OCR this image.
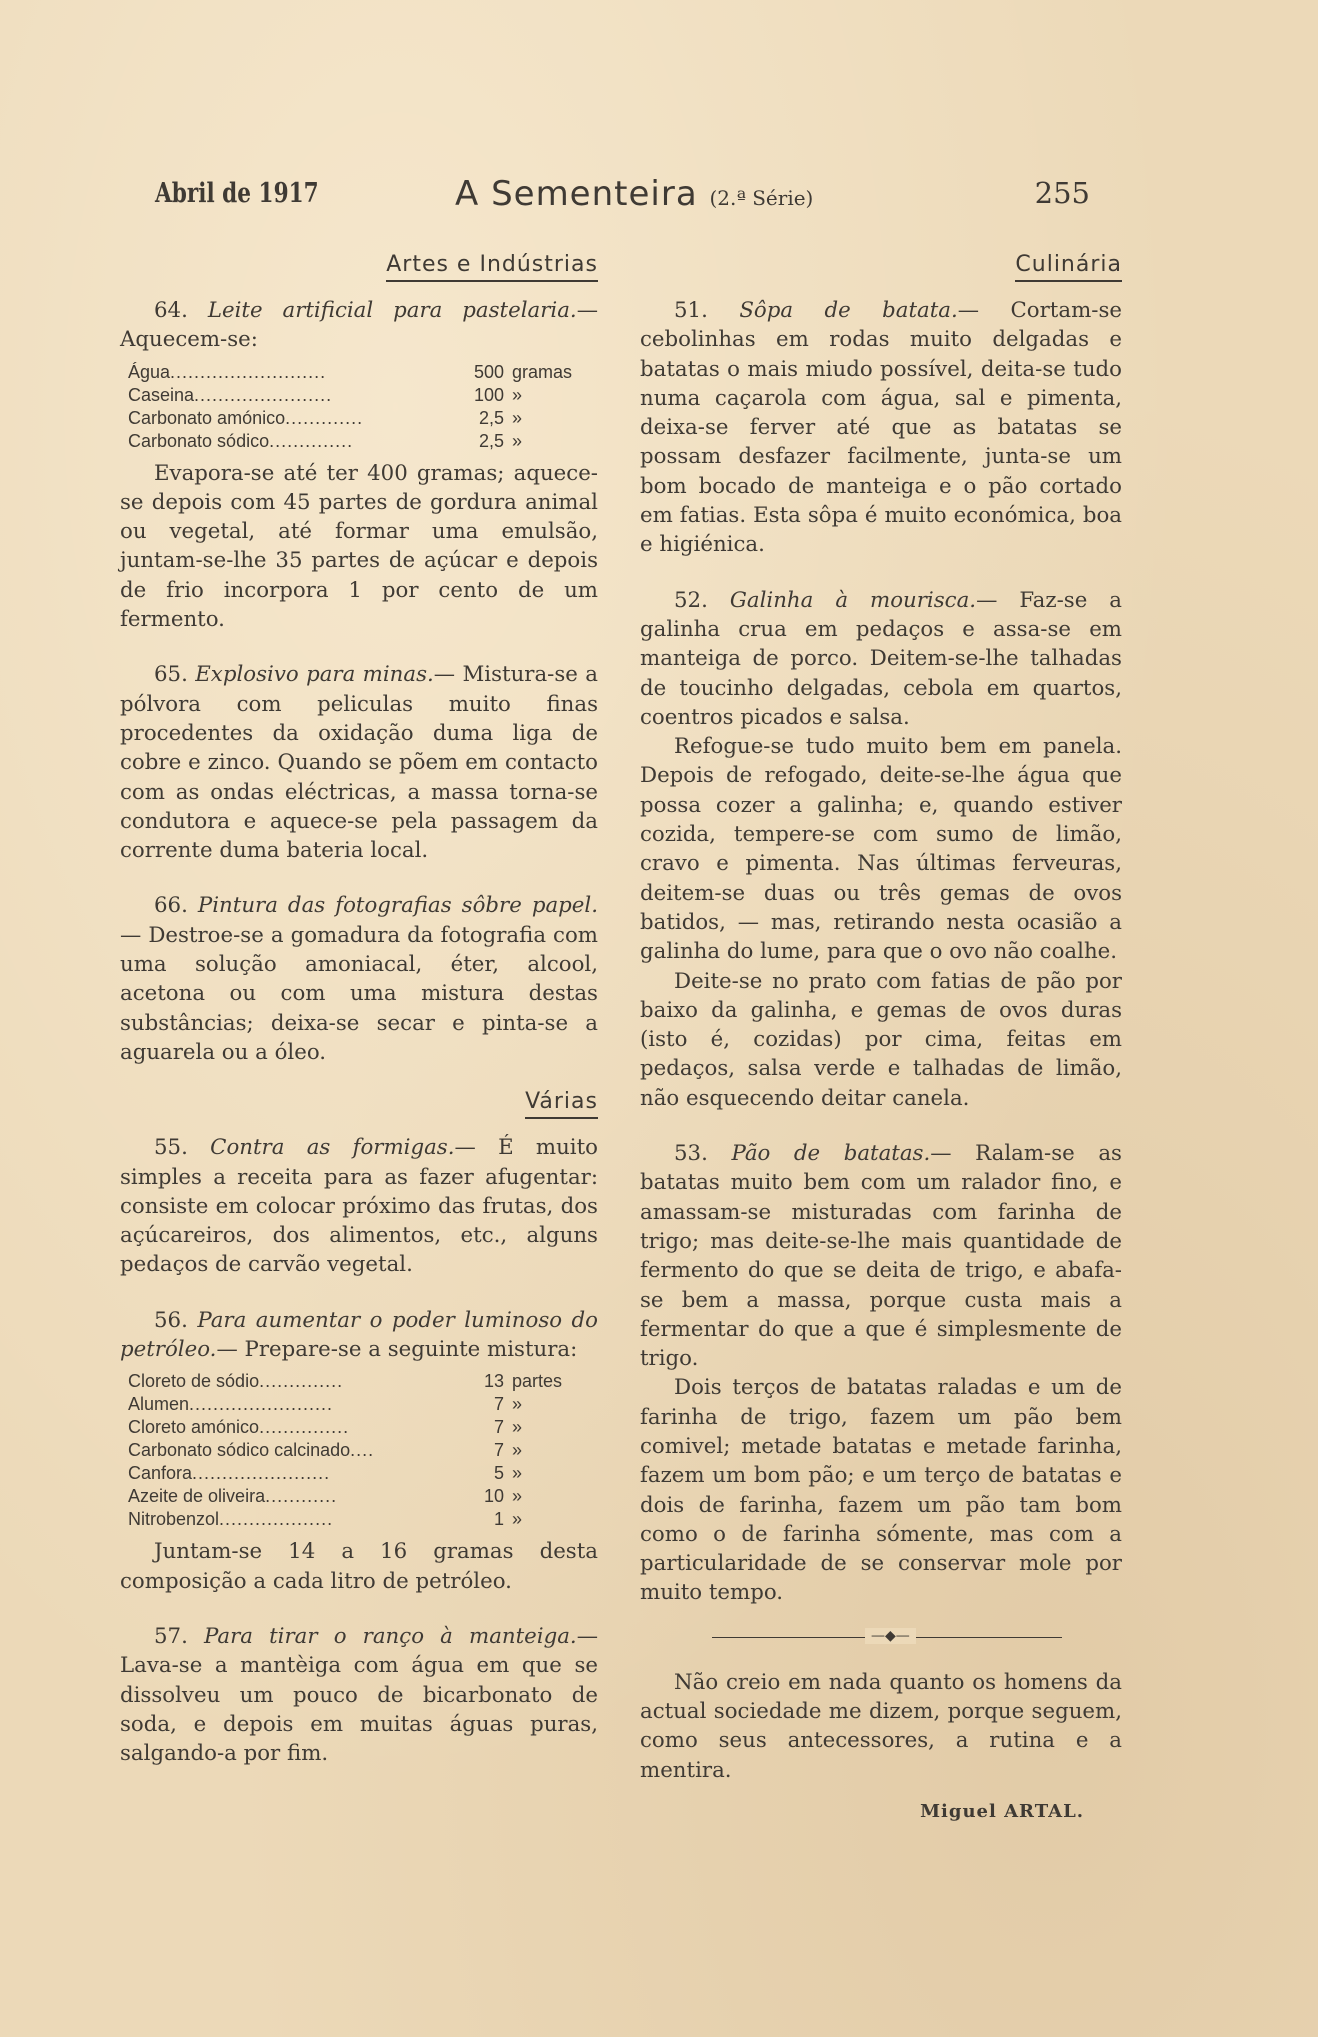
Abril de 1917	A Sementeira (2.ª Série)	255
Artes e Indústrias

64. Leite artificial para pastelaria.— Aquecem-se:

Água..........................	500	gramas
Caseina.......................	100	»
Carbonato amónico.............	2,5	»
Carbonato sódico..............	2,5	»

Evapora-se até ter 400 gramas; aquece-se depois com 45 partes de gordura animal ou vegetal, até formar uma emulsão, juntam-se-lhe 35 partes de açúcar e depois de frio incorpora 1 por cento de um fermento.

65. Explosivo para minas.— Mistura-se a pólvora com peliculas muito finas procedentes da oxidação duma liga de cobre e zinco. Quando se põem em contacto com as ondas eléctricas, a massa torna-se condutora e aquece-se pela passagem da corrente duma bateria local.

66. Pintura das fotografias sôbre papel.— Destroe-se a gomadura da fotografia com uma solução amoniacal, éter, alcool, acetona ou com uma mistura destas substâncias; deixa-se secar e pinta-se a aguarela ou a óleo.

Várias

55. Contra as formigas.— É muito simples a receita para as fazer afugentar: consiste em colocar próximo das frutas, dos açúcareiros, dos alimentos, etc., alguns pedaços de carvão vegetal.

56. Para aumentar o poder luminoso do petróleo.— Prepare-se a seguinte mistura:

Cloreto de sódio..............	13	partes
Alumen........................	7	»
Cloreto amónico...............	7	»
Carbonato sódico calcinado....	7	»
Canfora.......................	5	»
Azeite de oliveira............	10	»
Nitrobenzol...................	1	»

Juntam-se 14 a 16 gramas desta composição a cada litro de petróleo.

57. Para tirar o ranço à manteiga.— Lava-se a mantèiga com água em que se dissolveu um pouco de bicarbonato de soda, e depois em muitas águas puras, salgando-a por fim.

Culinária

51. Sôpa de batata.— Cortam-se cebolinhas em rodas muito delgadas e batatas o mais miudo possível, deita-se tudo numa caçarola com água, sal e pimenta, deixa-se ferver até que as batatas se possam desfazer facilmente, junta-se um bom bocado de manteiga e o pão cortado em fatias. Esta sôpa é muito económica, boa e higiénica.

52. Galinha à mourisca.— Faz-se a galinha crua em pedaços e assa-se em manteiga de porco. Deitem-se-lhe talhadas de toucinho delgadas, cebola em quartos, coentros picados e salsa.

Refogue-se tudo muito bem em panela. Depois de refogado, deite-se-lhe água que possa cozer a galinha; e, quando estiver cozida, tempere-se com sumo de limão, cravo e pimenta. Nas últimas ferveuras, deitem-se duas ou três gemas de ovos batidos, — mas, retirando nesta ocasião a galinha do lume, para que o ovo não coalhe.

Deite-se no prato com fatias de pão por baixo da galinha, e gemas de ovos duras (isto é, cozidas) por cima, feitas em pedaços, salsa verde e talhadas de limão, não esquecendo deitar canela.

53. Pão de batatas.— Ralam-se as batatas muito bem com um ralador fino, e amassam-se misturadas com farinha de trigo; mas deite-se-lhe mais quantidade de fermento do que se deita de trigo, e abafa-se bem a massa, porque custa mais a fermentar do que a que é simplesmente de trigo.

Dois terços de batatas raladas e um de farinha de trigo, fazem um pão bem comivel; metade batatas e metade farinha, fazem um bom pão; e um terço de batatas e dois de farinha, fazem um pão tam bom como o de farinha sómente, mas com a particularidade de se conservar mole por muito tempo.

—◆—

Não creio em nada quanto os homens da actual sociedade me dizem, porque seguem, como seus antecessores, a rutina e a mentira.

Miguel ARTAL.
